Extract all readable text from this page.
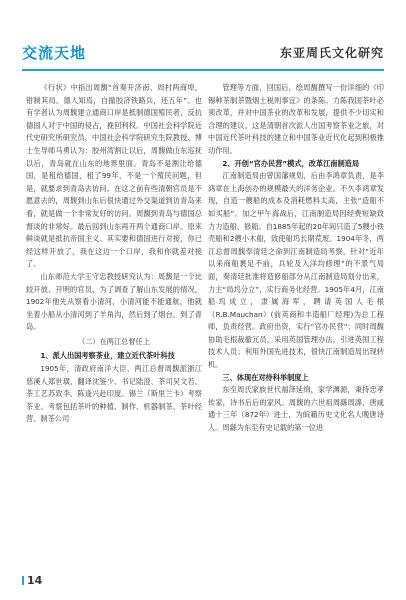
交流天地	东亚周氏文化研究

《行状》中指出周馥“首奏开济南、周村两商埠，钳制其局。德人知焉，自撤胶济铁路兵，还五年”。也有学者认为周馥建立通商口岸是抵制德国殖民者，反抗德国人对于中国的侵占，挽回利权。中国社会科学院近代史研究所研究员，中国社会科学院研究生院教授、博士生导师马勇认为：胶州湾割让以后，周馥做山东巡抚以后，青岛就在山东的地界里面。青岛不是割让给德国，是租给德国，租了99年，不是一个殖民问题，但是，就要求到青岛去访问。在这之前有些清朝官员是不愿意去的，周馥到山东后很快通过外交渠道到访青岛来看，就是做一个非常友好的访问。周馥到青岛与德国总督谈的非常好。最后回到山东再开两个通商口岸。原来鲜谈就是抵抗帝国主义。其实要和德国进行对接，你已经这样开放了，我在这边一个口岸，我和你就差对接了。

山东师范大学王守忠教授研究认为：周馥是一个比较开放、开明的官员，为了调查了解山东发展的情况，1902年他先从察看小清河，小清河能不能通航，他就坐着小船从小清河到了羊角沟，然后到了烟台，到了青岛。

（二）在两江总督任上

1、派人出国考察茶业，建立近代茶叶科技

1905年，清政府南洋大臣、两江总督周馥派浙江慈溪人郑世璜、翻译沈鉴少、书记陆澄、茶司吴文若、茶工艺苏致李、陈逢兴赴印度、锡兰（斯里兰卡）考察茶业。考察包括茶叶的种植、制作、机器制茶、茶叶经营、制茶公司

管理等方面，回国后，绘周馥撰写一份详细的《印锡种茶制茶暨烟土税则事宜》的条陈。力陈我国茶叶必须改革，并对中国茶业的改革和发展，提供不少切实和合理的建议。这是清朝首次派人出国考察茶业之旅，对中国近代茶叶科技的建立和中国茶业近代化起到积极推动作用。

2、开创“官办民营”模式，改革江南制造局

江南制造局由曾国藩规划，后由李鸿章负责，是李鸿章在上海创办的规模最大的洋务企业。不久李鸿章发现，自造一艘船的成本及消耗燃料太高，主张“造船不如买船”。加之甲午海战后，江南制造局因经费短缺致力力造船、修船。自1885年起的20年间只造了5艘小铁壳船和2艘小木船，致使船坞长期荒废。1904年冬，两江总督周馥奉清廷之命到江南制造局考察，针对“近年以来商船裹足不前，兵轮及入洋均修理”的不景气局面，奏清廷批准将造修船部分从江南制造局划分出来，力主“局坞分立”，实行商务化经营。1905年4月，江南船坞成立，隶属海军，聘请英国人毛根（R.B.Mauchan）(前英商和丰造船厂经理)为总工程师，负责经营。政府出资，实行“官办民营”；同时周馥协助毛根裁撤冗员，采用英国管理办法，引进英国工程技术人员；利用外国先进技术，很快江南制造局出现转机。

三、体现在对待科举制度上

东至周氏家族世代福泽延绵，家学渊源，秉持忠孝传家，诗书后后的家风。周馥的六世祖周繇周䜂，唐咸通十三年（872年）进士，为皖籍历史文化名人晚唐诗人。周繇为东至有史记载的第一位进

14
